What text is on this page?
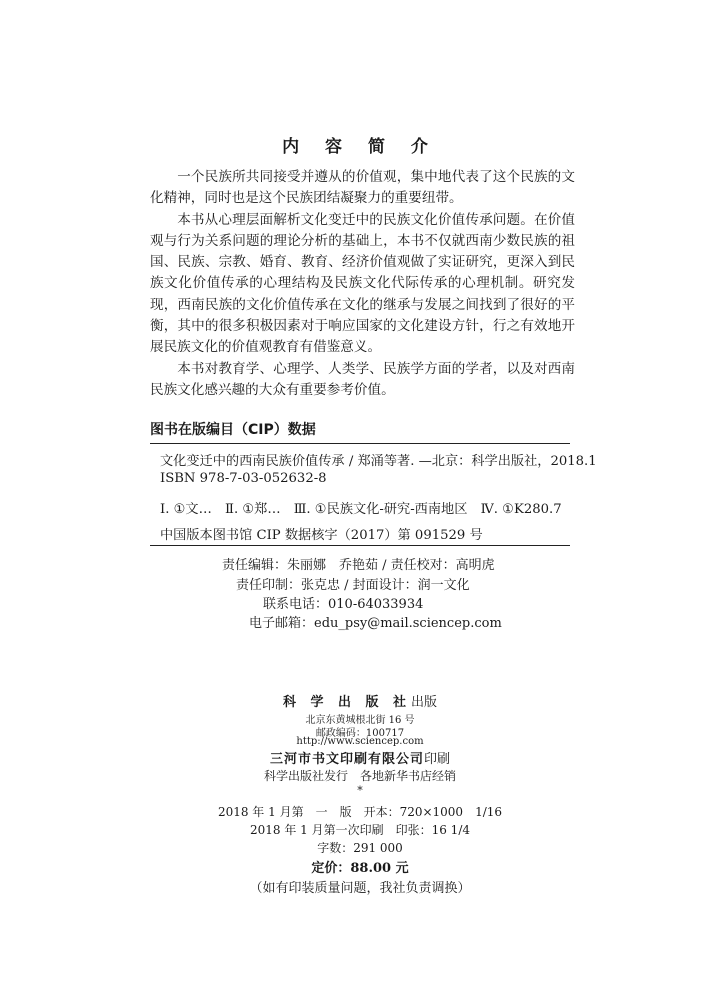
内 容 简 介

一个民族所共同接受并遵从的价值观，集中地代表了这个民族的文化精神，同时也是这个民族团结凝聚力的重要纽带。

本书从心理层面解析文化变迁中的民族文化价值传承问题。在价值观与行为关系问题的理论分析的基础上，本书不仅就西南少数民族的祖国、民族、宗教、婚育、教育、经济价值观做了实证研究，更深入到民族文化价值传承的心理结构及民族文化代际传承的心理机制。研究发现，西南民族的文化价值传承在文化的继承与发展之间找到了很好的平衡，其中的很多积极因素对于响应国家的文化建设方针，行之有效地开展民族文化的价值观教育有借鉴意义。

本书对教育学、心理学、人类学、民族学方面的学者，以及对西南民族文化感兴趣的大众有重要参考价值。

图书在版编目（CIP）数据
文化变迁中的西南民族价值传承 / 郑涌等著. —北京：科学出版社，2018.1
ISBN 978-7-03-052632-8
Ⅰ. ①文…　Ⅱ. ①郑…　Ⅲ. ①民族文化-研究-西南地区　Ⅳ. ①K280.7
中国版本图书馆 CIP 数据核字（2017）第 091529 号
责任编辑：朱丽娜　乔艳茹 / 责任校对：高明虎
责任印制：张克忠 / 封面设计：润一文化
联系电话：010-64033934
电子邮箱：edu_psy@mail.sciencep.com
科 学 出 版 社出版
北京东黄城根北街 16 号
邮政编码：100717
http://www.sciencep.com
三河市书文印刷有限公司印刷
科学出版社发行　各地新华书店经销
*
2018 年 1 月第　一　版　开本：720×1000　1/16
2018 年 1 月第一次印刷　印张：16 1/4
字数：291 000
定价：88.00 元
（如有印装质量问题，我社负责调换）
